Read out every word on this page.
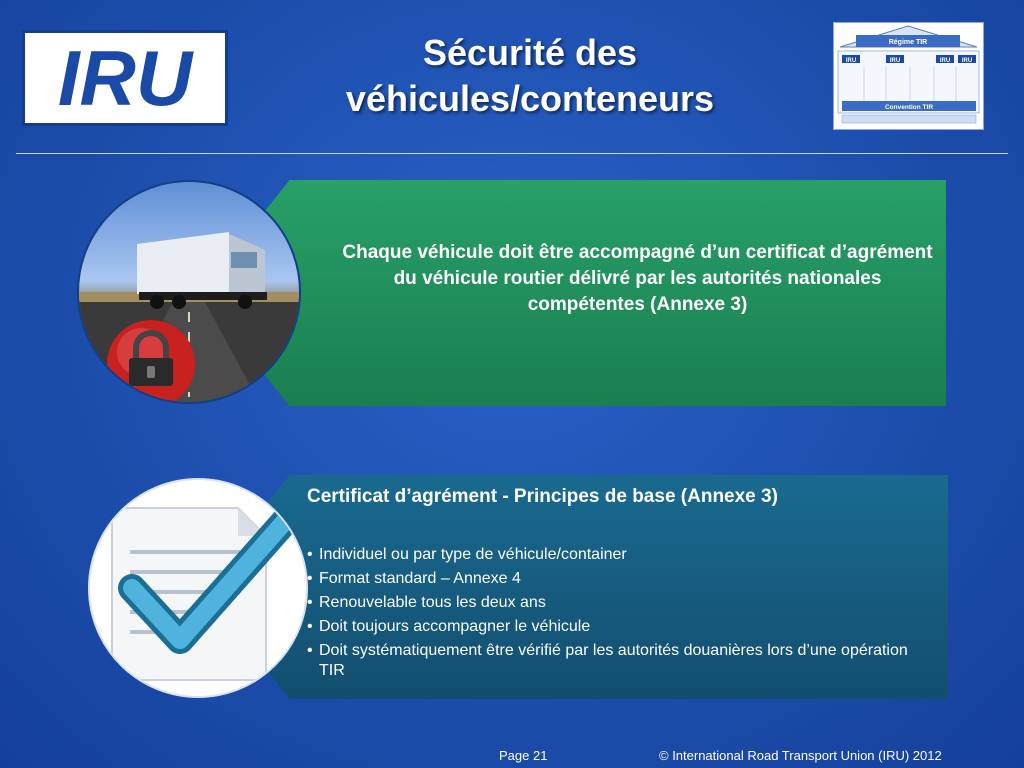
IRU	Sécurité des
véhicules/conteneurs
Régime TIR
IRU	IRU	IRU IRU
Convention TIR
Chaque véhicule doit être accompagné d’un certificat d’agrément du véhicule routier délivré par les autorités nationales compétentes (Annexe 3)
Certificat d’agrément - Principes de base (Annexe 3)
• Individuel ou par type de véhicule/container
• Format standard – Annexe 4
• Renouvelable tous les deux ans
• Doit toujours accompagner le véhicule
• Doit systématiquement être vérifié par les autorités douanières lors d’une opération TIR
Page 21	© International Road Transport Union (IRU) 2012
